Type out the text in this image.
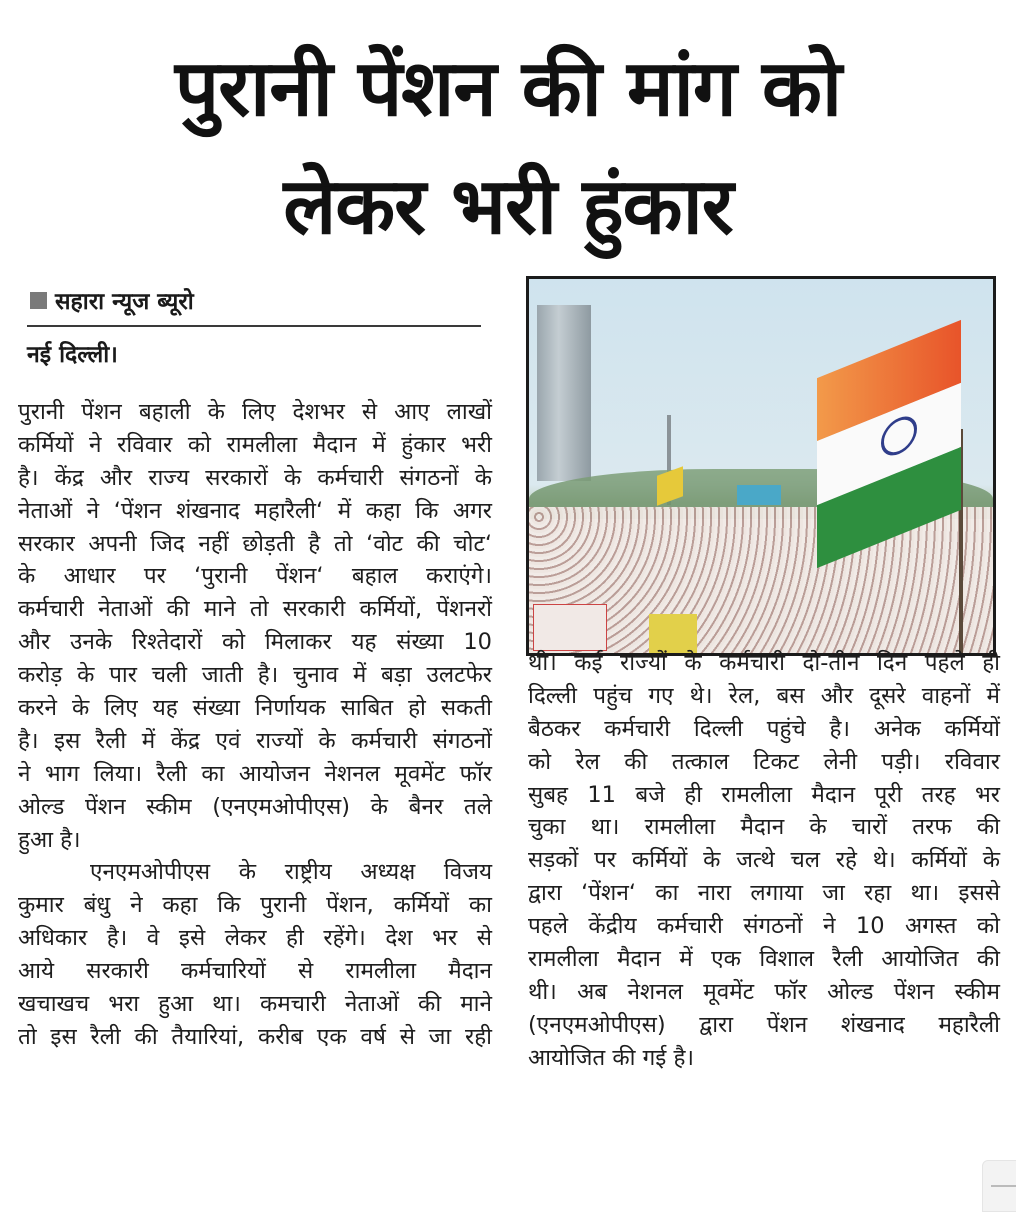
पुरानी पेंशन की मांग को
लेकर भरी हुंकार
सहारा न्यूज ब्यूरो
नई दिल्ली।
पुरानी पेंशन बहाली के लिए देशभर से आए लाखों
कर्मियों ने रविवार को रामलीला मैदान में हुंकार भरी
है। केंद्र और राज्य सरकारों के कर्मचारी संगठनों के
नेताओं ने ‘पेंशन शंखनाद महारैली‘ में कहा कि अगर
सरकार अपनी जिद नहीं छोड़ती है तो ‘वोट की चोट‘
के आधार पर ‘पुरानी पेंशन‘ बहाल कराएंगे।
कर्मचारी नेताओं की माने तो सरकारी कर्मियों, पेंशनरों
और उनके रिश्तेदारों को मिलाकर यह संख्या 10
करोड़ के पार चली जाती है। चुनाव में बड़ा उलटफेर
करने के लिए यह संख्या निर्णायक साबित हो सकती
है। इस रैली में केंद्र एवं राज्यों के कर्मचारी संगठनों
ने भाग लिया। रैली का आयोजन नेशनल मूवमेंट फॉर
ओल्ड पेंशन स्कीम (एनएमओपीएस) के बैनर तले
हुआ है।
एनएमओपीएस के राष्ट्रीय अध्यक्ष विजय
कुमार बंधु ने कहा कि पुरानी पेंशन, कर्मियों का
अधिकार है। वे इसे लेकर ही रहेंगे। देश भर से
आये सरकारी कर्मचारियों से रामलीला मैदान
खचाखच भरा हुआ था। कमचारी नेताओं की माने
तो इस रैली की तैयारियां, करीब एक वर्ष से जा रही
थी। कई राज्यों के कर्मचारी दो-तीन दिन पहले ही
दिल्ली पहुंच गए थे। रेल, बस और दूसरे वाहनों में
बैठकर कर्मचारी दिल्ली पहुंचे है। अनेक कर्मियों
को रेल की तत्काल टिकट लेनी पड़ी। रविवार
सुबह 11 बजे ही रामलीला मैदान पूरी तरह भर
चुका था। रामलीला मैदान के चारों तरफ की
सड़कों पर कर्मियों के जत्थे चल रहे थे। कर्मियों के
द्वारा ‘पेंशन‘ का नारा लगाया जा रहा था। इससे
पहले केंद्रीय कर्मचारी संगठनों ने 10 अगस्त को
रामलीला मैदान में एक विशाल रैली आयोजित की
थी। अब नेशनल मूवमेंट फॉर ओल्ड पेंशन स्कीम
(एनएमओपीएस) द्वारा पेंशन शंखनाद महारैली
आयोजित की गई है।
